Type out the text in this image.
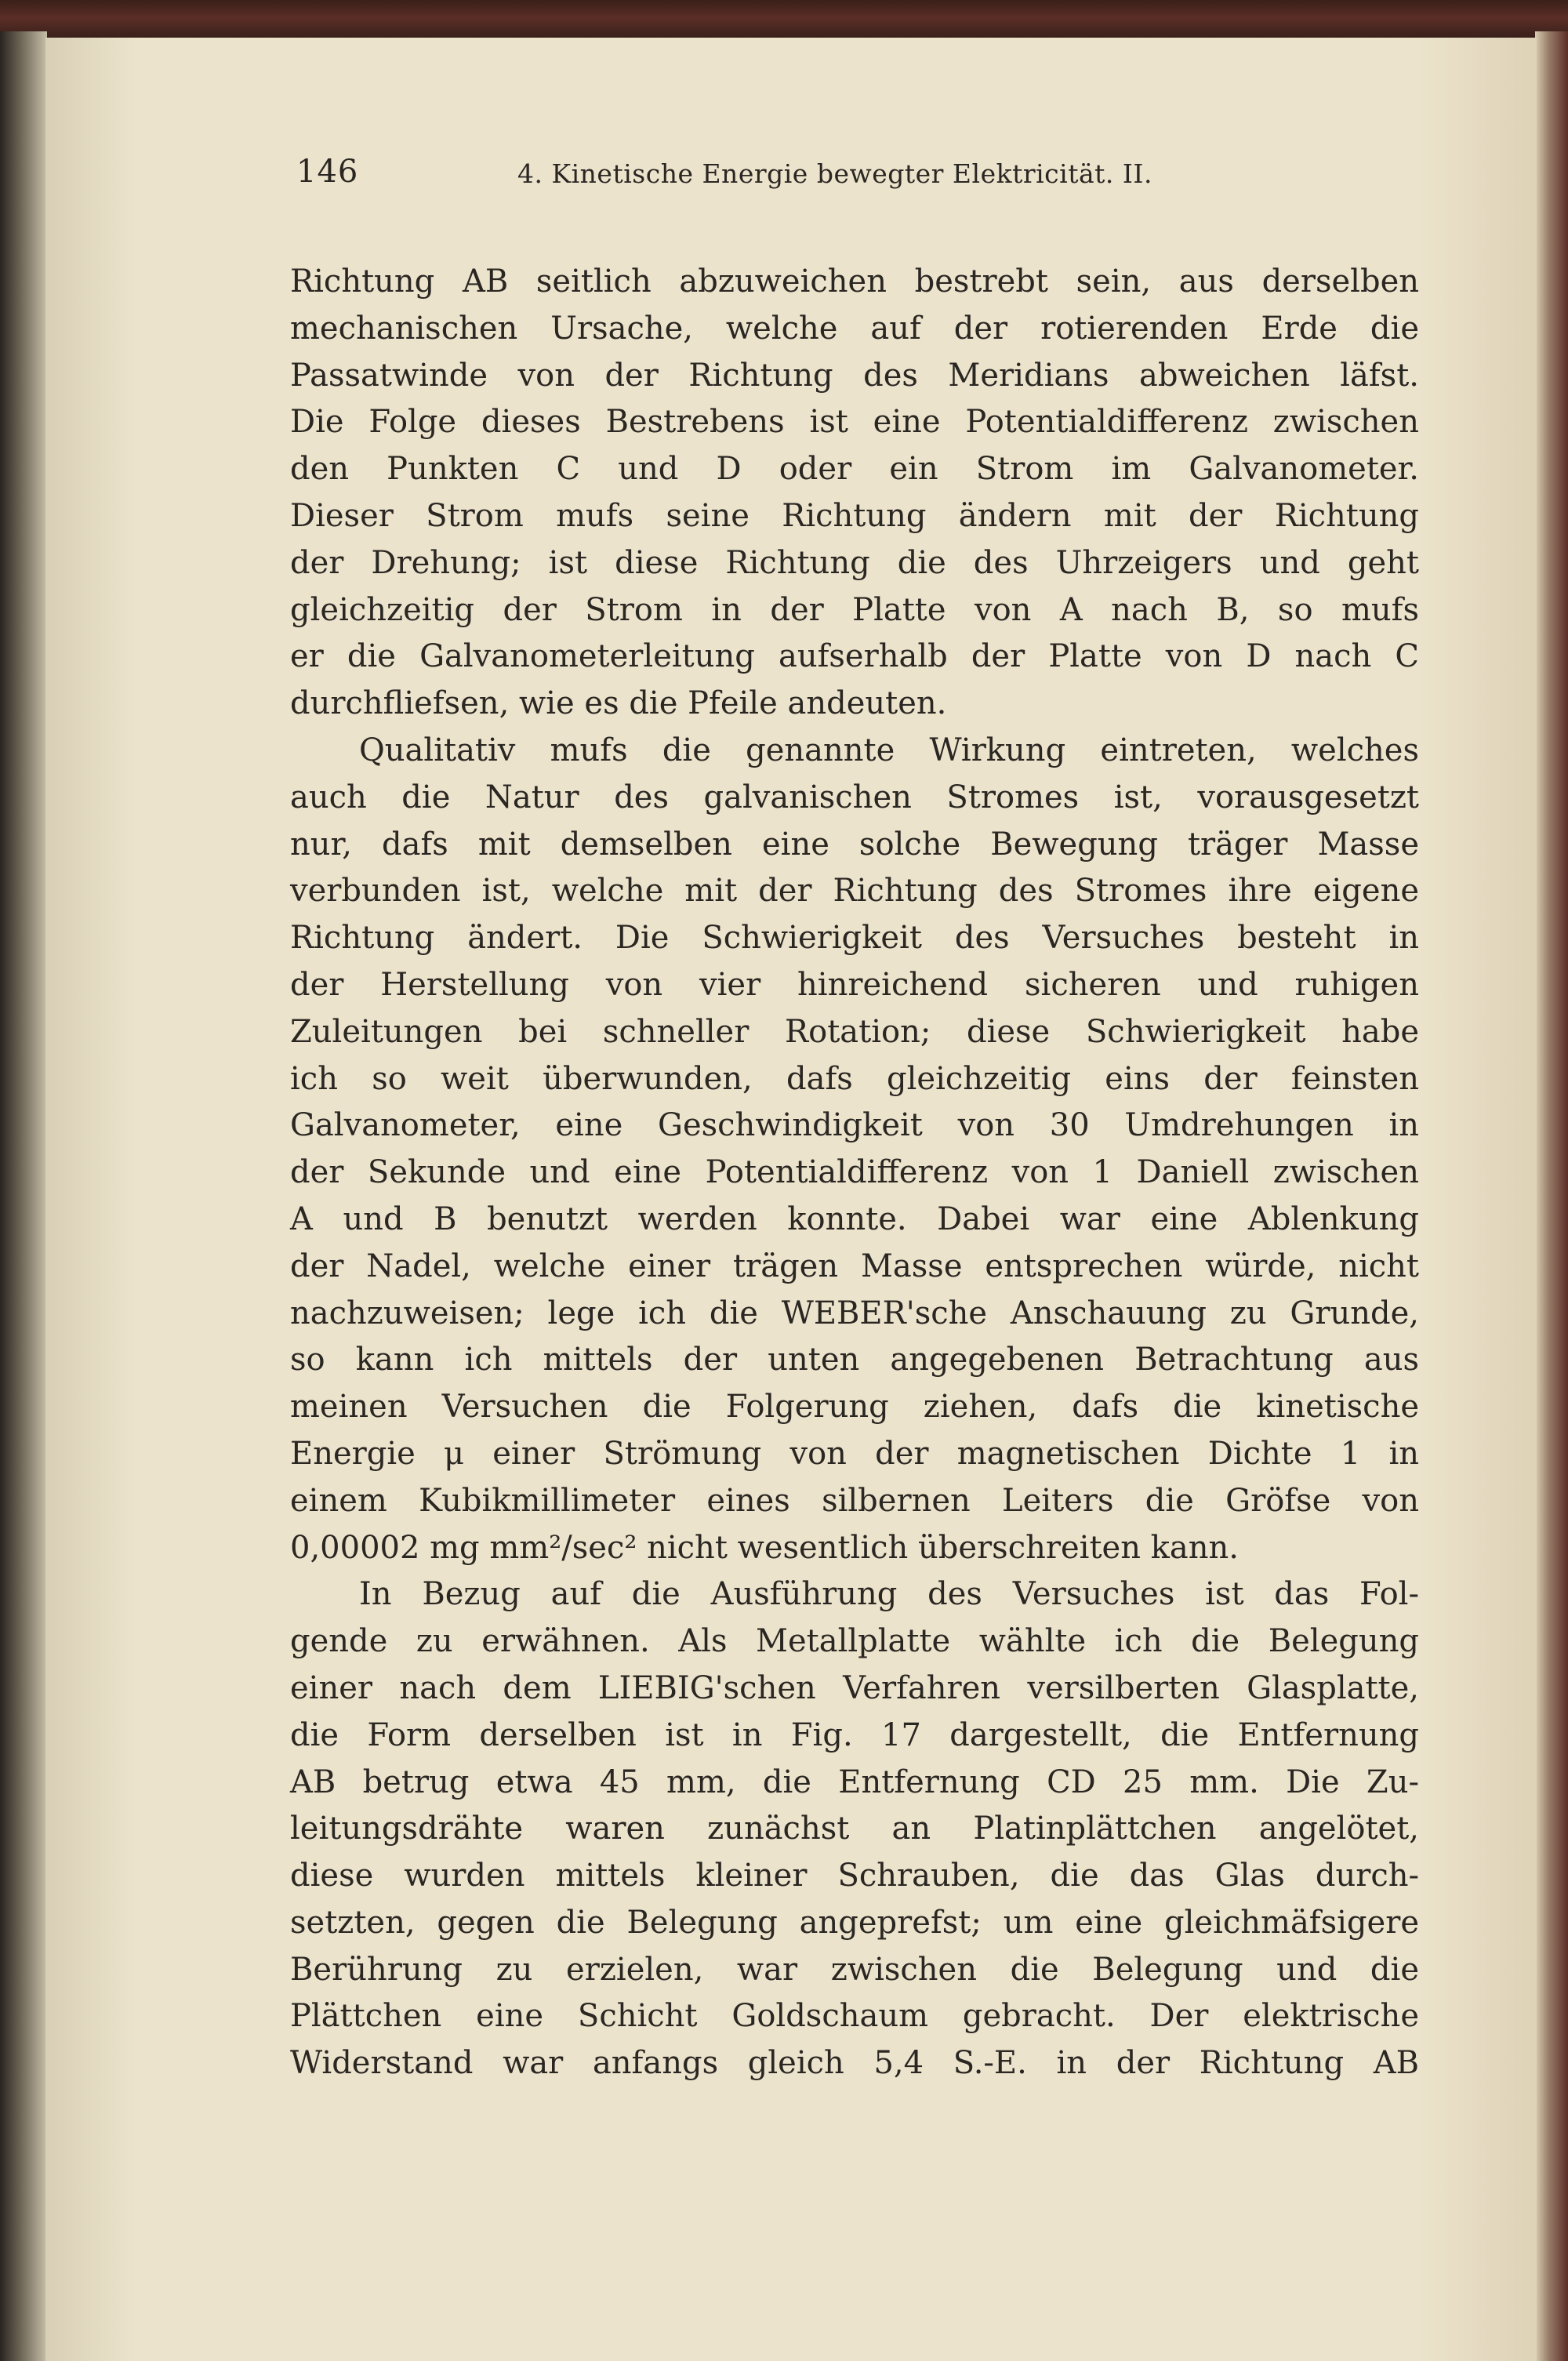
146	4. Kinetische Energie bewegter Elektricität. II.
Richtung AB seitlich abzuweichen bestrebt sein, aus derselben
mechanischen Ursache, welche auf der rotierenden Erde die
Passatwinde von der Richtung des Meridians abweichen läfst.
Die Folge dieses Bestrebens ist eine Potentialdifferenz zwischen
den Punkten C und D oder ein Strom im Galvanometer.
Dieser Strom mufs seine Richtung ändern mit der Richtung
der Drehung; ist diese Richtung die des Uhrzeigers und geht
gleichzeitig der Strom in der Platte von A nach B, so mufs
er die Galvanometerleitung aufserhalb der Platte von D nach C
durchfliefsen, wie es die Pfeile andeuten.
Qualitativ mufs die genannte Wirkung eintreten, welches
auch die Natur des galvanischen Stromes ist, vorausgesetzt
nur, dafs mit demselben eine solche Bewegung träger Masse
verbunden ist, welche mit der Richtung des Stromes ihre eigene
Richtung ändert. Die Schwierigkeit des Versuches besteht in
der Herstellung von vier hinreichend sicheren und ruhigen
Zuleitungen bei schneller Rotation; diese Schwierigkeit habe
ich so weit überwunden, dafs gleichzeitig eins der feinsten
Galvanometer, eine Geschwindigkeit von 30 Umdrehungen in
der Sekunde und eine Potentialdifferenz von 1 Daniell zwischen
A und B benutzt werden konnte. Dabei war eine Ablenkung
der Nadel, welche einer trägen Masse entsprechen würde, nicht
nachzuweisen; lege ich die WEBER'sche Anschauung zu Grunde,
so kann ich mittels der unten angegebenen Betrachtung aus
meinen Versuchen die Folgerung ziehen, dafs die kinetische
Energie μ einer Strömung von der magnetischen Dichte 1 in
einem Kubikmillimeter eines silbernen Leiters die Gröfse von
0,00002 mg mm²/sec² nicht wesentlich überschreiten kann.
In Bezug auf die Ausführung des Versuches ist das Fol-
gende zu erwähnen. Als Metallplatte wählte ich die Belegung
einer nach dem LIEBIG'schen Verfahren versilberten Glasplatte,
die Form derselben ist in Fig. 17 dargestellt, die Entfernung
AB betrug etwa 45 mm, die Entfernung CD 25 mm. Die Zu-
leitungsdrähte waren zunächst an Platinplättchen angelötet,
diese wurden mittels kleiner Schrauben, die das Glas durch-
setzten, gegen die Belegung angeprefst; um eine gleichmäfsigere
Berührung zu erzielen, war zwischen die Belegung und die
Plättchen eine Schicht Goldschaum gebracht. Der elektrische
Widerstand war anfangs gleich 5,4 S.-E. in der Richtung AB
